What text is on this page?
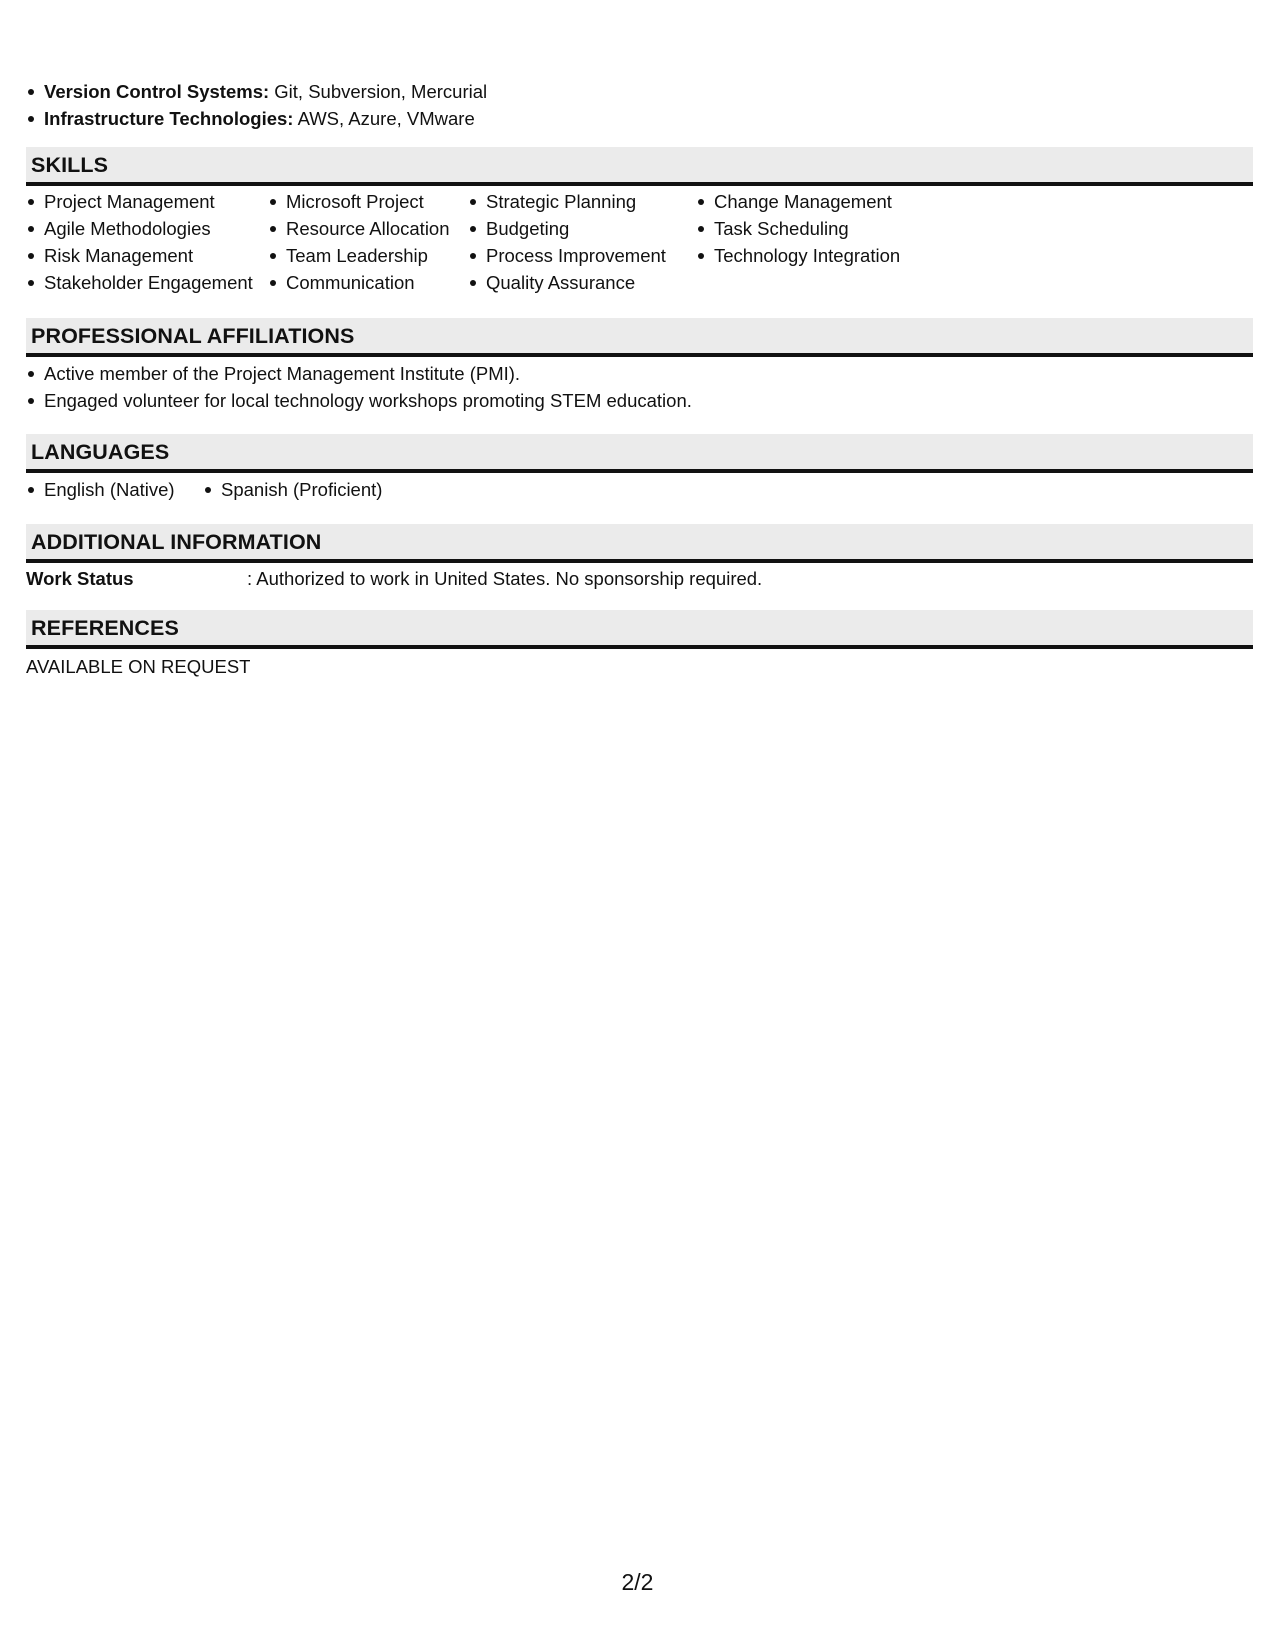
Version Control Systems: Git, Subversion, Mercurial
Infrastructure Technologies: AWS, Azure, VMware
SKILLS
Project Management
Agile Methodologies
Risk Management
Stakeholder Engagement
Microsoft Project
Resource Allocation
Team Leadership
Communication
Strategic Planning
Budgeting
Process Improvement
Quality Assurance
Change Management
Task Scheduling
Technology Integration
PROFESSIONAL AFFILIATIONS
Active member of the Project Management Institute (PMI).
Engaged volunteer for local technology workshops promoting STEM education.
LANGUAGES
English (Native)	Spanish (Proficient)
ADDITIONAL INFORMATION
Work Status	: Authorized to work in United States. No sponsorship required.
REFERENCES
AVAILABLE ON REQUEST
2/2
